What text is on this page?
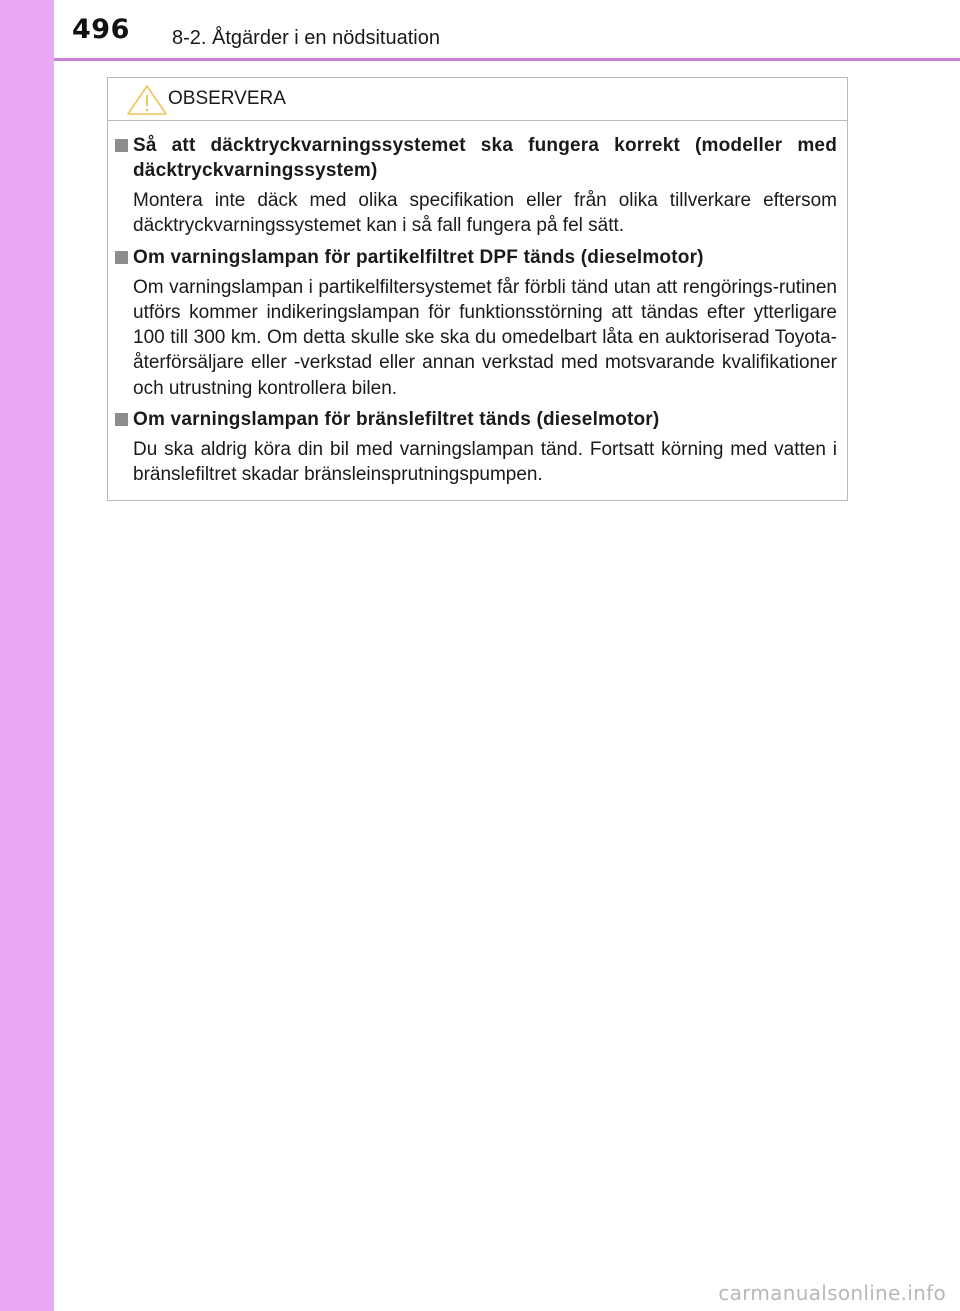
496 8-2. Åtgärder i en nödsituation
OBSERVERA
Så att däcktryckvarningssystemet ska fungera korrekt (modeller med däcktryckvarningssystem)
Montera inte däck med olika specifikation eller från olika tillverkare eftersom däcktryckvarningssystemet kan i så fall fungera på fel sätt.
Om varningslampan för partikelfiltret DPF tänds (dieselmotor)
Om varningslampan i partikelfiltersystemet får förbli tänd utan att rengörings-rutinen utförs kommer indikeringslampan för funktionsstörning att tändas efter ytterligare 100 till 300 km. Om detta skulle ske ska du omedelbart låta en auktoriserad Toyota-återförsäljare eller -verkstad eller annan verkstad med motsvarande kvalifikationer och utrustning kontrollera bilen.
Om varningslampan för bränslefiltret tänds (dieselmotor)
Du ska aldrig köra din bil med varningslampan tänd. Fortsatt körning med vatten i bränslefiltret skadar bränsleinsprutningspumpen.
carmanualsonline.info
